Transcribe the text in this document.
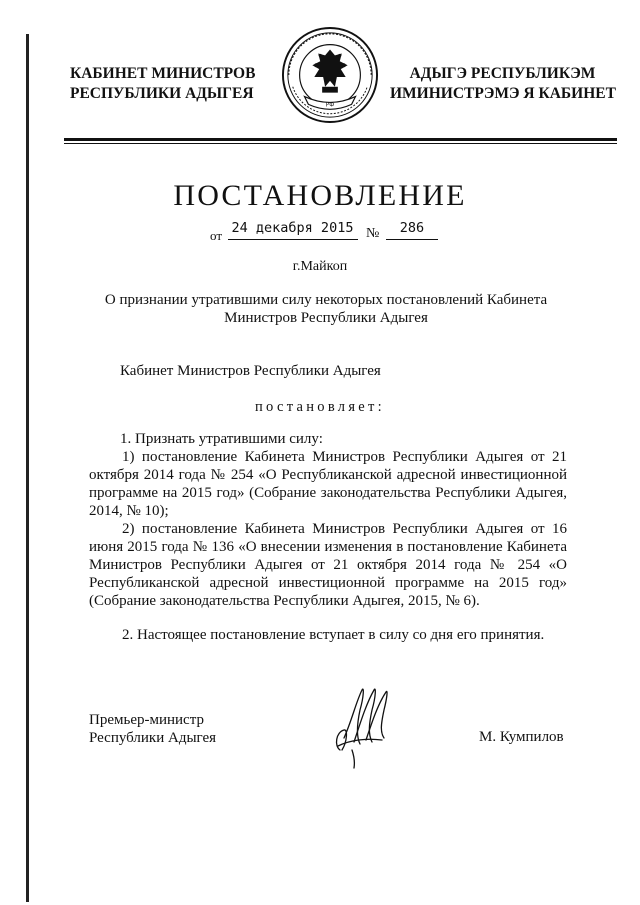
КАБИНЕТ МИНИСТРОВ
РЕСПУБЛИКИ АДЫГЕЯ
РФ
АДЫГЭ РЕСПУБЛИКЭМ
ИМИНИСТРЭМЭ Я КАБИНЕТ
ПОСТАНОВЛЕНИЕ
от 24 декабря 2015 №	286
г.Майкоп
О признании утратившими силу некоторых постановлений Кабинета Министров Республики Адыгея
Кабинет Министров Республики Адыгея
постановляет:
1. Признать утратившими силу:
1) постановление Кабинета Министров Республики Адыгея от 21
октября 2014 года № 254 «О Республиканской адресной инвестиционной
программе на 2015 год» (Собрание законодательства Республики Адыгея,
2014, № 10);
2) постановление Кабинета Министров Республики Адыгея от 16
июня 2015 года № 136 «О внесении изменения в постановление Кабинета
Министров Республики Адыгея от 21 октября 2014 года № 254 «О
Республиканской адресной инвестиционной программе на 2015 год»
(Собрание законодательства Республики Адыгея, 2015, № 6).
2. Настоящее постановление вступает в силу со дня его принятия.
Премьер-министр
Республики Адыгея	М. Кумпилов
